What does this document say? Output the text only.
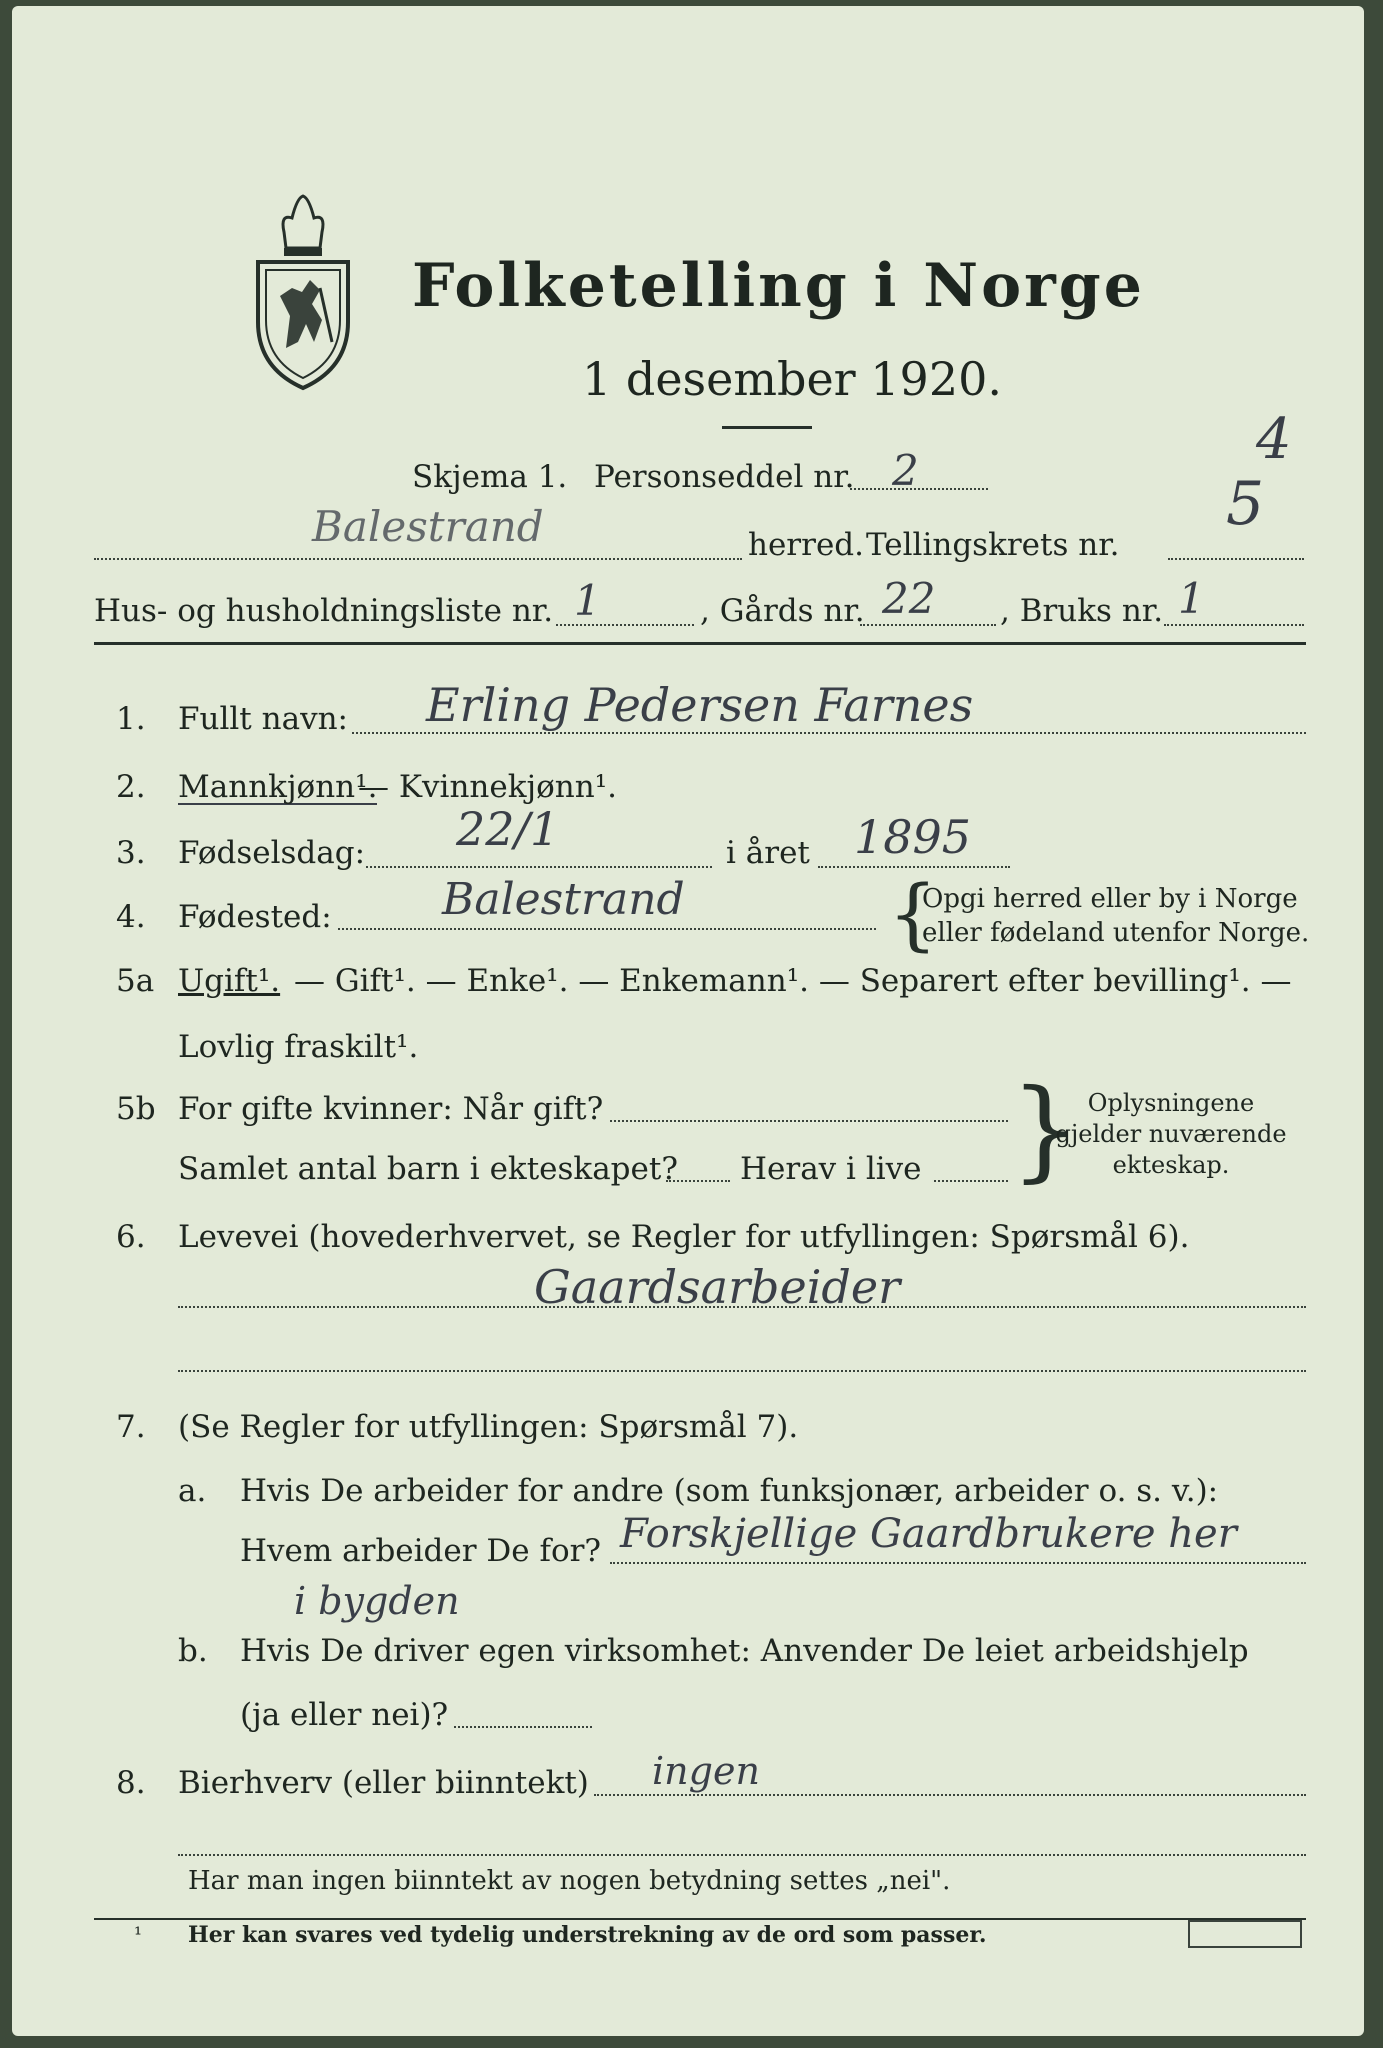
Folketelling i Norge
1 desember 1920.
4
5
Skjema 1. Personseddel nr. 2
Balestrand	herred. Tellingskrets nr.
Hus- og husholdningsliste nr. 1	, Gårds nr. 22 , Bruks nr. 1
1. Fullt navn: Erling Pedersen Farnes
2. Mannkjønn¹.
— Kvinnekjønn¹.
3. Fødselsdag: 22/1	i året 1895
4. Fødested:	Balestrand	{
Opgi herred eller by i Norge
eller fødeland utenfor Norge.
5a Ugift¹. — Gift¹. — Enke¹. — Enkemann¹. — Separert efter bevilling¹. —
Lovlig fraskilt¹.
5b For gifte kvinner: Når gift?
Samlet antal barn i ekteskapet? Herav i live } Oplysningene
gjelder nuværende
ekteskap.
6. Levevei (hovederhvervet, se Regler for utfyllingen: Spørsmål 6).
Gaardsarbeider
7. (Se Regler for utfyllingen: Spørsmål 7).
a. Hvis De arbeider for andre (som funksjonær, arbeider o. s. v.):
Hvem arbeider De for? Forskjellige Gaardbrukere her
i bygden
b. Hvis De driver egen virksomhet: Anvender De leiet arbeidshjelp
(ja eller nei)?
8. Bierhverv (eller biinntekt) ingen
Har man ingen biinntekt av nogen betydning settes „nei".
¹ Her kan svares ved tydelig understrekning av de ord som passer.
